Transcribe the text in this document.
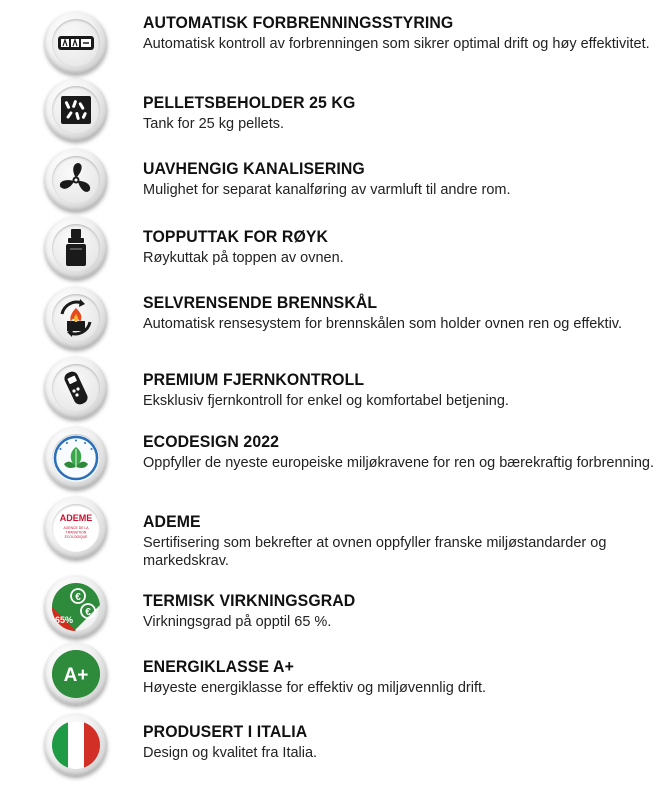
AUTOMATISK FORBRENNINGSSTYRING
Automatisk kontroll av forbrenningen som sikrer optimal drift og høy effektivitet.
PELLETSBEHOLDER 25 KG
Tank for 25 kg pellets.
UAVHENGIG KANALISERING
Mulighet for separat kanalføring av varmluft til andre rom.
TOPPUTTAK FOR RØYK
Røykuttak på toppen av ovnen.
SELVRENSENDE BRENNSKÅL
Automatisk rensesystem for brennskålen som holder ovnen ren og effektiv.
PREMIUM FJERNKONTROLL
Eksklusiv fjernkontroll for enkel og komfortabel betjening.
ECODESIGN 2022
Oppfyller de nyeste europeiske miljøkravene for ren og bærekraftig forbrenning.
ADEME
AGENCE DE LA
TRANSITION
ÉCOLOGIQUE
ADEME
Sertifisering som bekrefter at ovnen oppfyller franske miljøstandarder og markedskrav.
€
€
65%
TERMISK VIRKNINGSGRAD
Virkningsgrad på opptil 65 %.
A+	ENERGIKLASSE A+
Høyeste energiklasse for effektiv og miljøvennlig drift.
PRODUSERT I ITALIA
Design og kvalitet fra Italia.
